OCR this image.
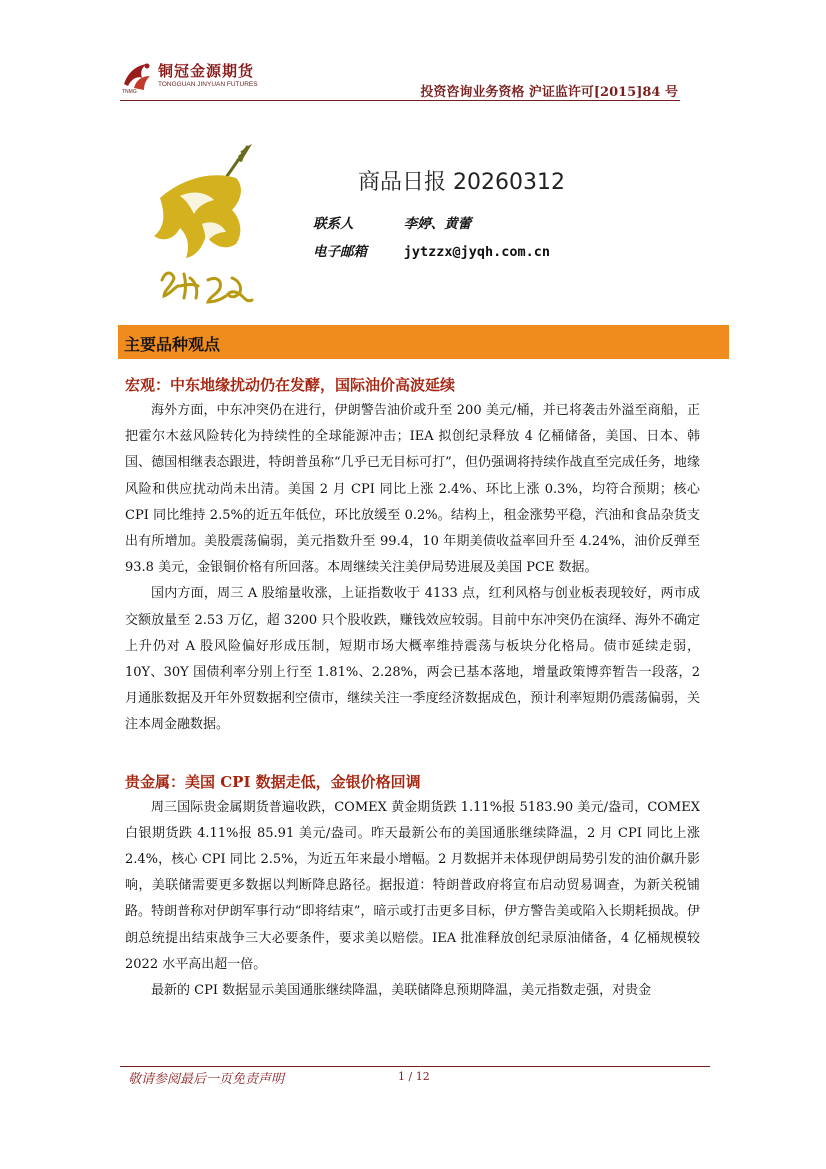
铜冠金源期货
TONGGUAN JINYUAN FUTURES
TNMG	投资咨询业务资格 沪证监许可[2015]84 号
商品日报 20260312
联系人	李婷、黄蕾
电子邮箱	jytzzx@jyqh.com.cn
主要品种观点
宏观：中东地缘扰动仍在发酵，国际油价高波延续

海外方面，中东冲突仍在进行，伊朗警告油价或升至 200 美元/桶，并已将袭击外溢至商船，正把霍尔木兹风险转化为持续性的全球能源冲击；IEA 拟创纪录释放 4 亿桶储备，美国、日本、韩国、德国相继表态跟进，特朗普虽称“几乎已无目标可打”，但仍强调将持续作战直至完成任务，地缘风险和供应扰动尚未出清。美国 2 月 CPI 同比上涨 2.4%、环比上涨 0.3%，均符合预期；核心 CPI 同比维持 2.5%的近五年低位，环比放缓至 0.2%。结构上，租金涨势平稳，汽油和食品杂货支出有所增加。美股震荡偏弱，美元指数升至 99.4，10 年期美债收益率回升至 4.24%，油价反弹至 93.8 美元，金银铜价格有所回落。本周继续关注美伊局势进展及美国 PCE 数据。

国内方面，周三 A 股缩量收涨，上证指数收于 4133 点，红利风格与创业板表现较好，两市成交额放量至 2.53 万亿，超 3200 只个股收跌，赚钱效应较弱。目前中东冲突仍在演绎、海外不确定上升仍对 A 股风险偏好形成压制，短期市场大概率维持震荡与板块分化格局。债市延续走弱，10Y、30Y 国债利率分别上行至 1.81%、2.28%，两会已基本落地，增量政策博弈暂告一段落，2 月通胀数据及开年外贸数据利空债市，继续关注一季度经济数据成色，预计利率短期仍震荡偏弱，关注本周金融数据。

贵金属：美国 CPI 数据走低，金银价格回调

周三国际贵金属期货普遍收跌，COMEX 黄金期货跌 1.11%报 5183.90 美元/盎司，COMEX 白银期货跌 4.11%报 85.91 美元/盎司。昨天最新公布的美国通胀继续降温，2 月 CPI 同比上涨 2.4%，核心 CPI 同比 2.5%，为近五年来最小增幅。2 月数据并未体现伊朗局势引发的油价飙升影响，美联储需要更多数据以判断降息路径。据报道：特朗普政府将宣布启动贸易调查，为新关税铺路。特朗普称对伊朗军事行动“即将结束”，暗示或打击更多目标，伊方警告美或陷入长期耗损战。伊朗总统提出结束战争三大必要条件，要求美以赔偿。IEA 批准释放创纪录原油储备，4 亿桶规模较 2022 水平高出超一倍。

最新的 CPI 数据显示美国通胀继续降温，美联储降息预期降温，美元指数走强，对贵金

敬请参阅最后一页免责声明	1 / 12
